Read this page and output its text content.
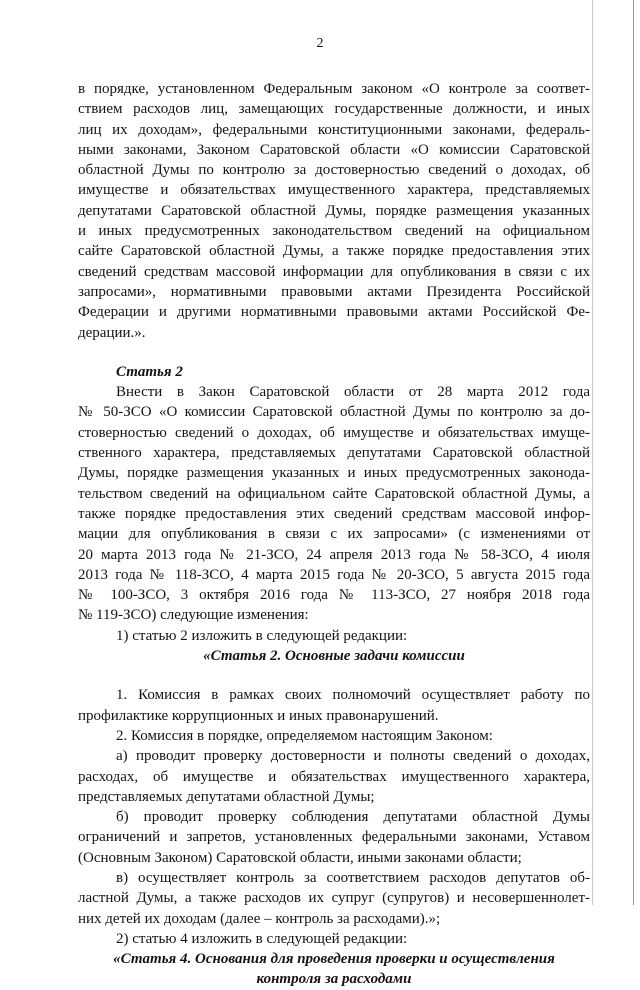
2

в порядке, установленном Федеральным законом «О контроле за соответ-

ствием расходов лиц, замещающих государственные должности, и иных

лиц их доходам», федеральными конституционными законами, федераль-

ными законами, Законом Саратовской области «О комиссии Саратовской

областной Думы по контролю за достоверностью сведений о доходах, об

имуществе и обязательствах имущественного характера, представляемых

депутатами Саратовской областной Думы, порядке размещения указанных

и иных предусмотренных законодательством сведений на официальном

сайте Саратовской областной Думы, а также порядке предоставления этих

сведений средствам массовой информации для опубликования в связи с их

запросами», нормативными правовыми актами Президента Российской

Федерации и другими нормативными правовыми актами Российской Фе-

дерации.».

Статья 2

Внести в Закон Саратовской области от 28 марта 2012 года

№ 50-ЗСО «О комиссии Саратовской областной Думы по контролю за до-

стоверностью сведений о доходах, об имуществе и обязательствах имуще-

ственного характера, представляемых депутатами Саратовской областной

Думы, порядке размещения указанных и иных предусмотренных законода-

тельством сведений на официальном сайте Саратовской областной Думы, а

также порядке предоставления этих сведений средствам массовой инфор-

мации для опубликования в связи с их запросами» (с изменениями от

20 марта 2013 года № 21-ЗСО, 24 апреля 2013 года № 58-ЗСО, 4 июля

2013 года № 118-ЗСО, 4 марта 2015 года № 20-ЗСО, 5 августа 2015 года

№ 100-ЗСО, 3 октября 2016 года № 113-ЗСО, 27 ноября 2018 года

№ 119-ЗСО) следующие изменения:

1) статью 2 изложить в следующей редакции:

«Статья 2. Основные задачи комиссии

1. Комиссия в рамках своих полномочий осуществляет работу по

профилактике коррупционных и иных правонарушений.

2. Комиссия в порядке, определяемом настоящим Законом:

а) проводит проверку достоверности и полноты сведений о доходах,

расходах, об имуществе и обязательствах имущественного характера,

представляемых депутатами областной Думы;

б) проводит проверку соблюдения депутатами областной Думы

ограничений и запретов, установленных федеральными законами, Уставом

(Основным Законом) Саратовской области, иными законами области;

в) осуществляет контроль за соответствием расходов депутатов об-

ластной Думы, а также расходов их супруг (супругов) и несовершеннолет-

них детей их доходам (далее – контроль за расходами).»;

2) статью 4 изложить в следующей редакции:

«Статья 4. Основания для проведения проверки и осуществления

контроля за расходами
